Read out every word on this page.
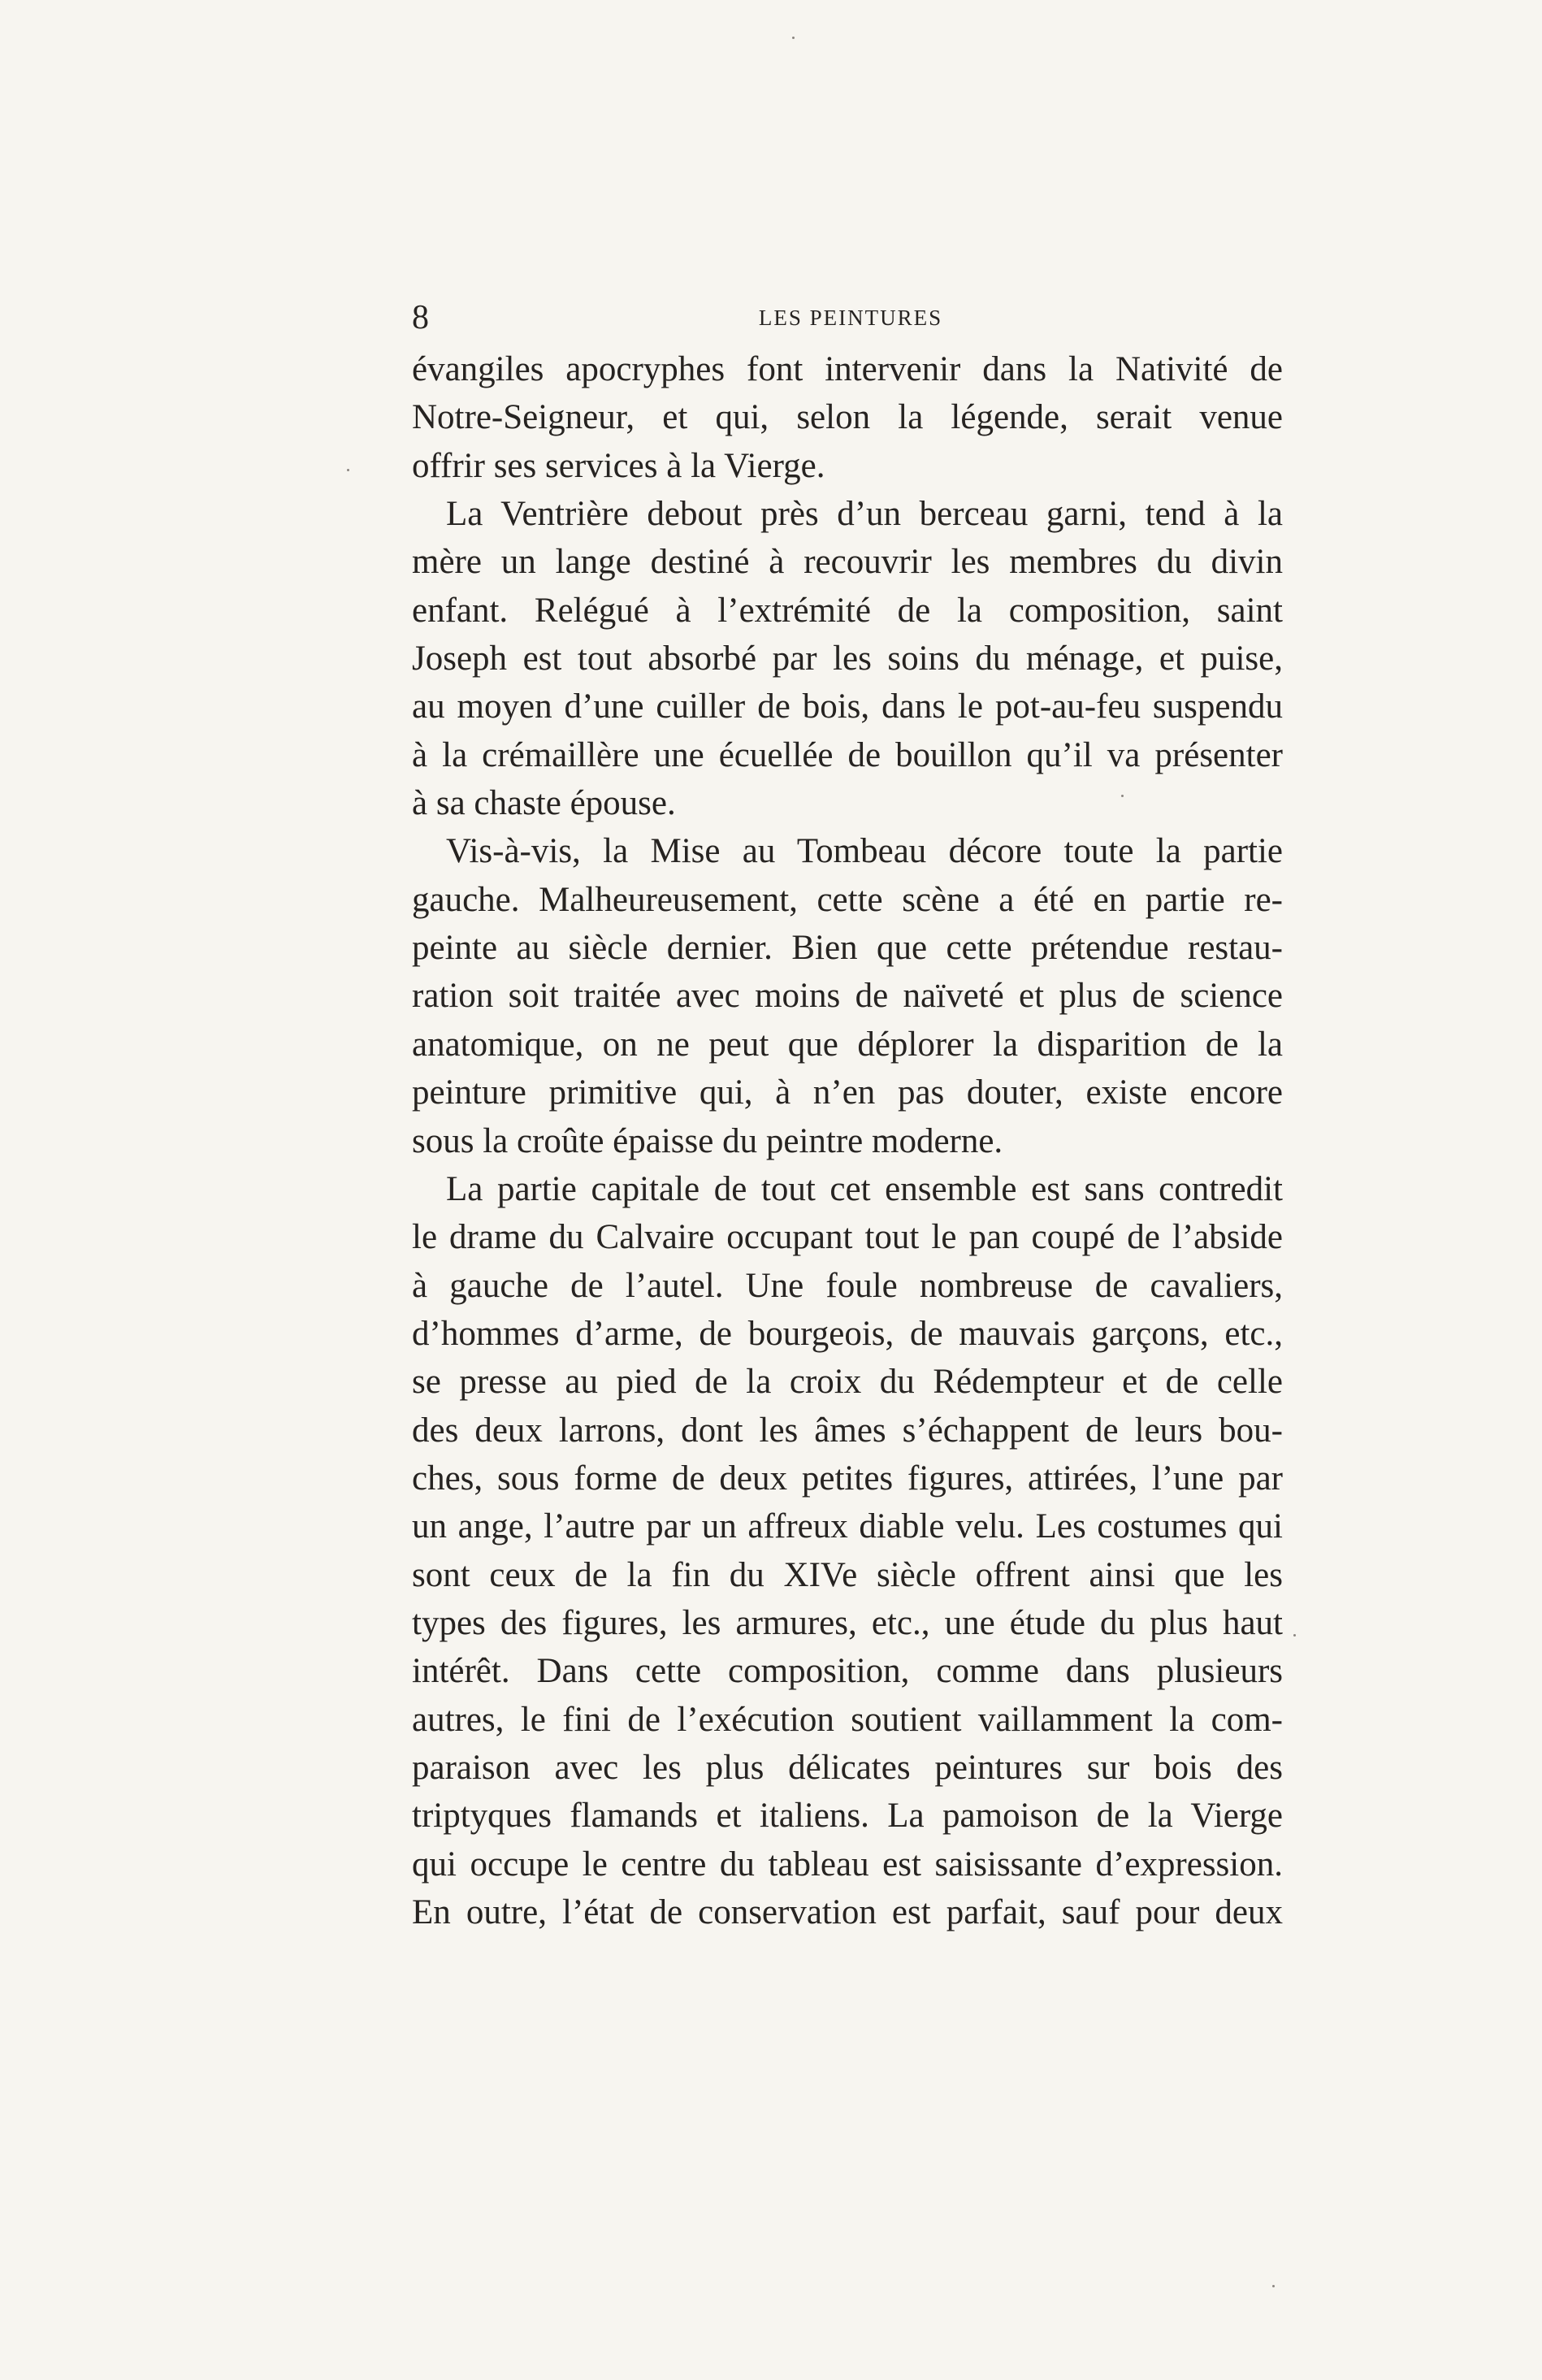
8	LES PEINTURES
évangiles apocryphes font intervenir dans la Nativité de
Notre-Seigneur, et qui, selon la légende, serait venue
offrir ses services à la Vierge.
La Ventrière debout près d’un berceau garni, tend à la
mère un lange destiné à recouvrir les membres du divin
enfant. Relégué à l’extrémité de la composition, saint
Joseph est tout absorbé par les soins du ménage, et puise,
au moyen d’une cuiller de bois, dans le pot-au-feu suspendu
à la crémaillère une écuellée de bouillon qu’il va présenter
à sa chaste épouse.
Vis-à-vis, la Mise au Tombeau décore toute la partie
gauche. Malheureusement, cette scène a été en partie re-
peinte au siècle dernier. Bien que cette prétendue restau-
ration soit traitée avec moins de naïveté et plus de science
anatomique, on ne peut que déplorer la disparition de la
peinture primitive qui, à n’en pas douter, existe encore
sous la croûte épaisse du peintre moderne.
La partie capitale de tout cet ensemble est sans contredit
le drame du Calvaire occupant tout le pan coupé de l’abside
à gauche de l’autel. Une foule nombreuse de cavaliers,
d’hommes d’arme, de bourgeois, de mauvais garçons, etc.,
se presse au pied de la croix du Rédempteur et de celle
des deux larrons, dont les âmes s’échappent de leurs bou-
ches, sous forme de deux petites figures, attirées, l’une par
un ange, l’autre par un affreux diable velu. Les costumes qui
sont ceux de la fin du XIVe siècle offrent ainsi que les
types des figures, les armures, etc., une étude du plus haut
intérêt. Dans cette composition, comme dans plusieurs
autres, le fini de l’exécution soutient vaillamment la com-
paraison avec les plus délicates peintures sur bois des
triptyques flamands et italiens. La pamoison de la Vierge
qui occupe le centre du tableau est saisissante d’expression.
En outre, l’état de conservation est parfait, sauf pour deux
